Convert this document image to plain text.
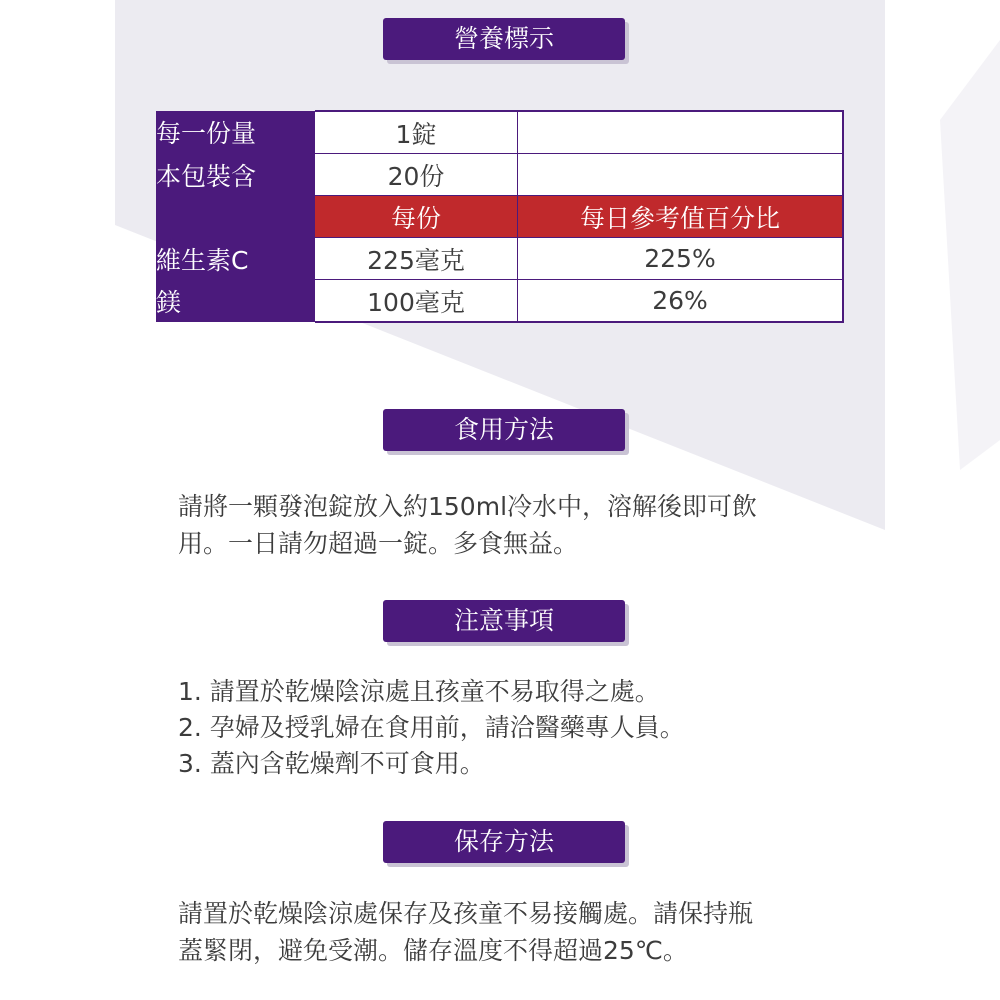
營養標示
每一份量	1錠	
本包裝含	20份	
	每份	每日參考值百分比
維生素C	225毫克	225%
鎂	100毫克	26%
食用方法

請將一顆發泡錠放入約150ml冷水中，溶解後即可飲

用。一日請勿超過一錠。多食無益。

注意事項
1. 請置於乾燥陰涼處且孩童不易取得之處。
2. 孕婦及授乳婦在食用前，請洽醫藥專人員。
3. 蓋內含乾燥劑不可食用。
保存方法

請置於乾燥陰涼處保存及孩童不易接觸處。請保持瓶

蓋緊閉，避免受潮。儲存溫度不得超過25℃。
